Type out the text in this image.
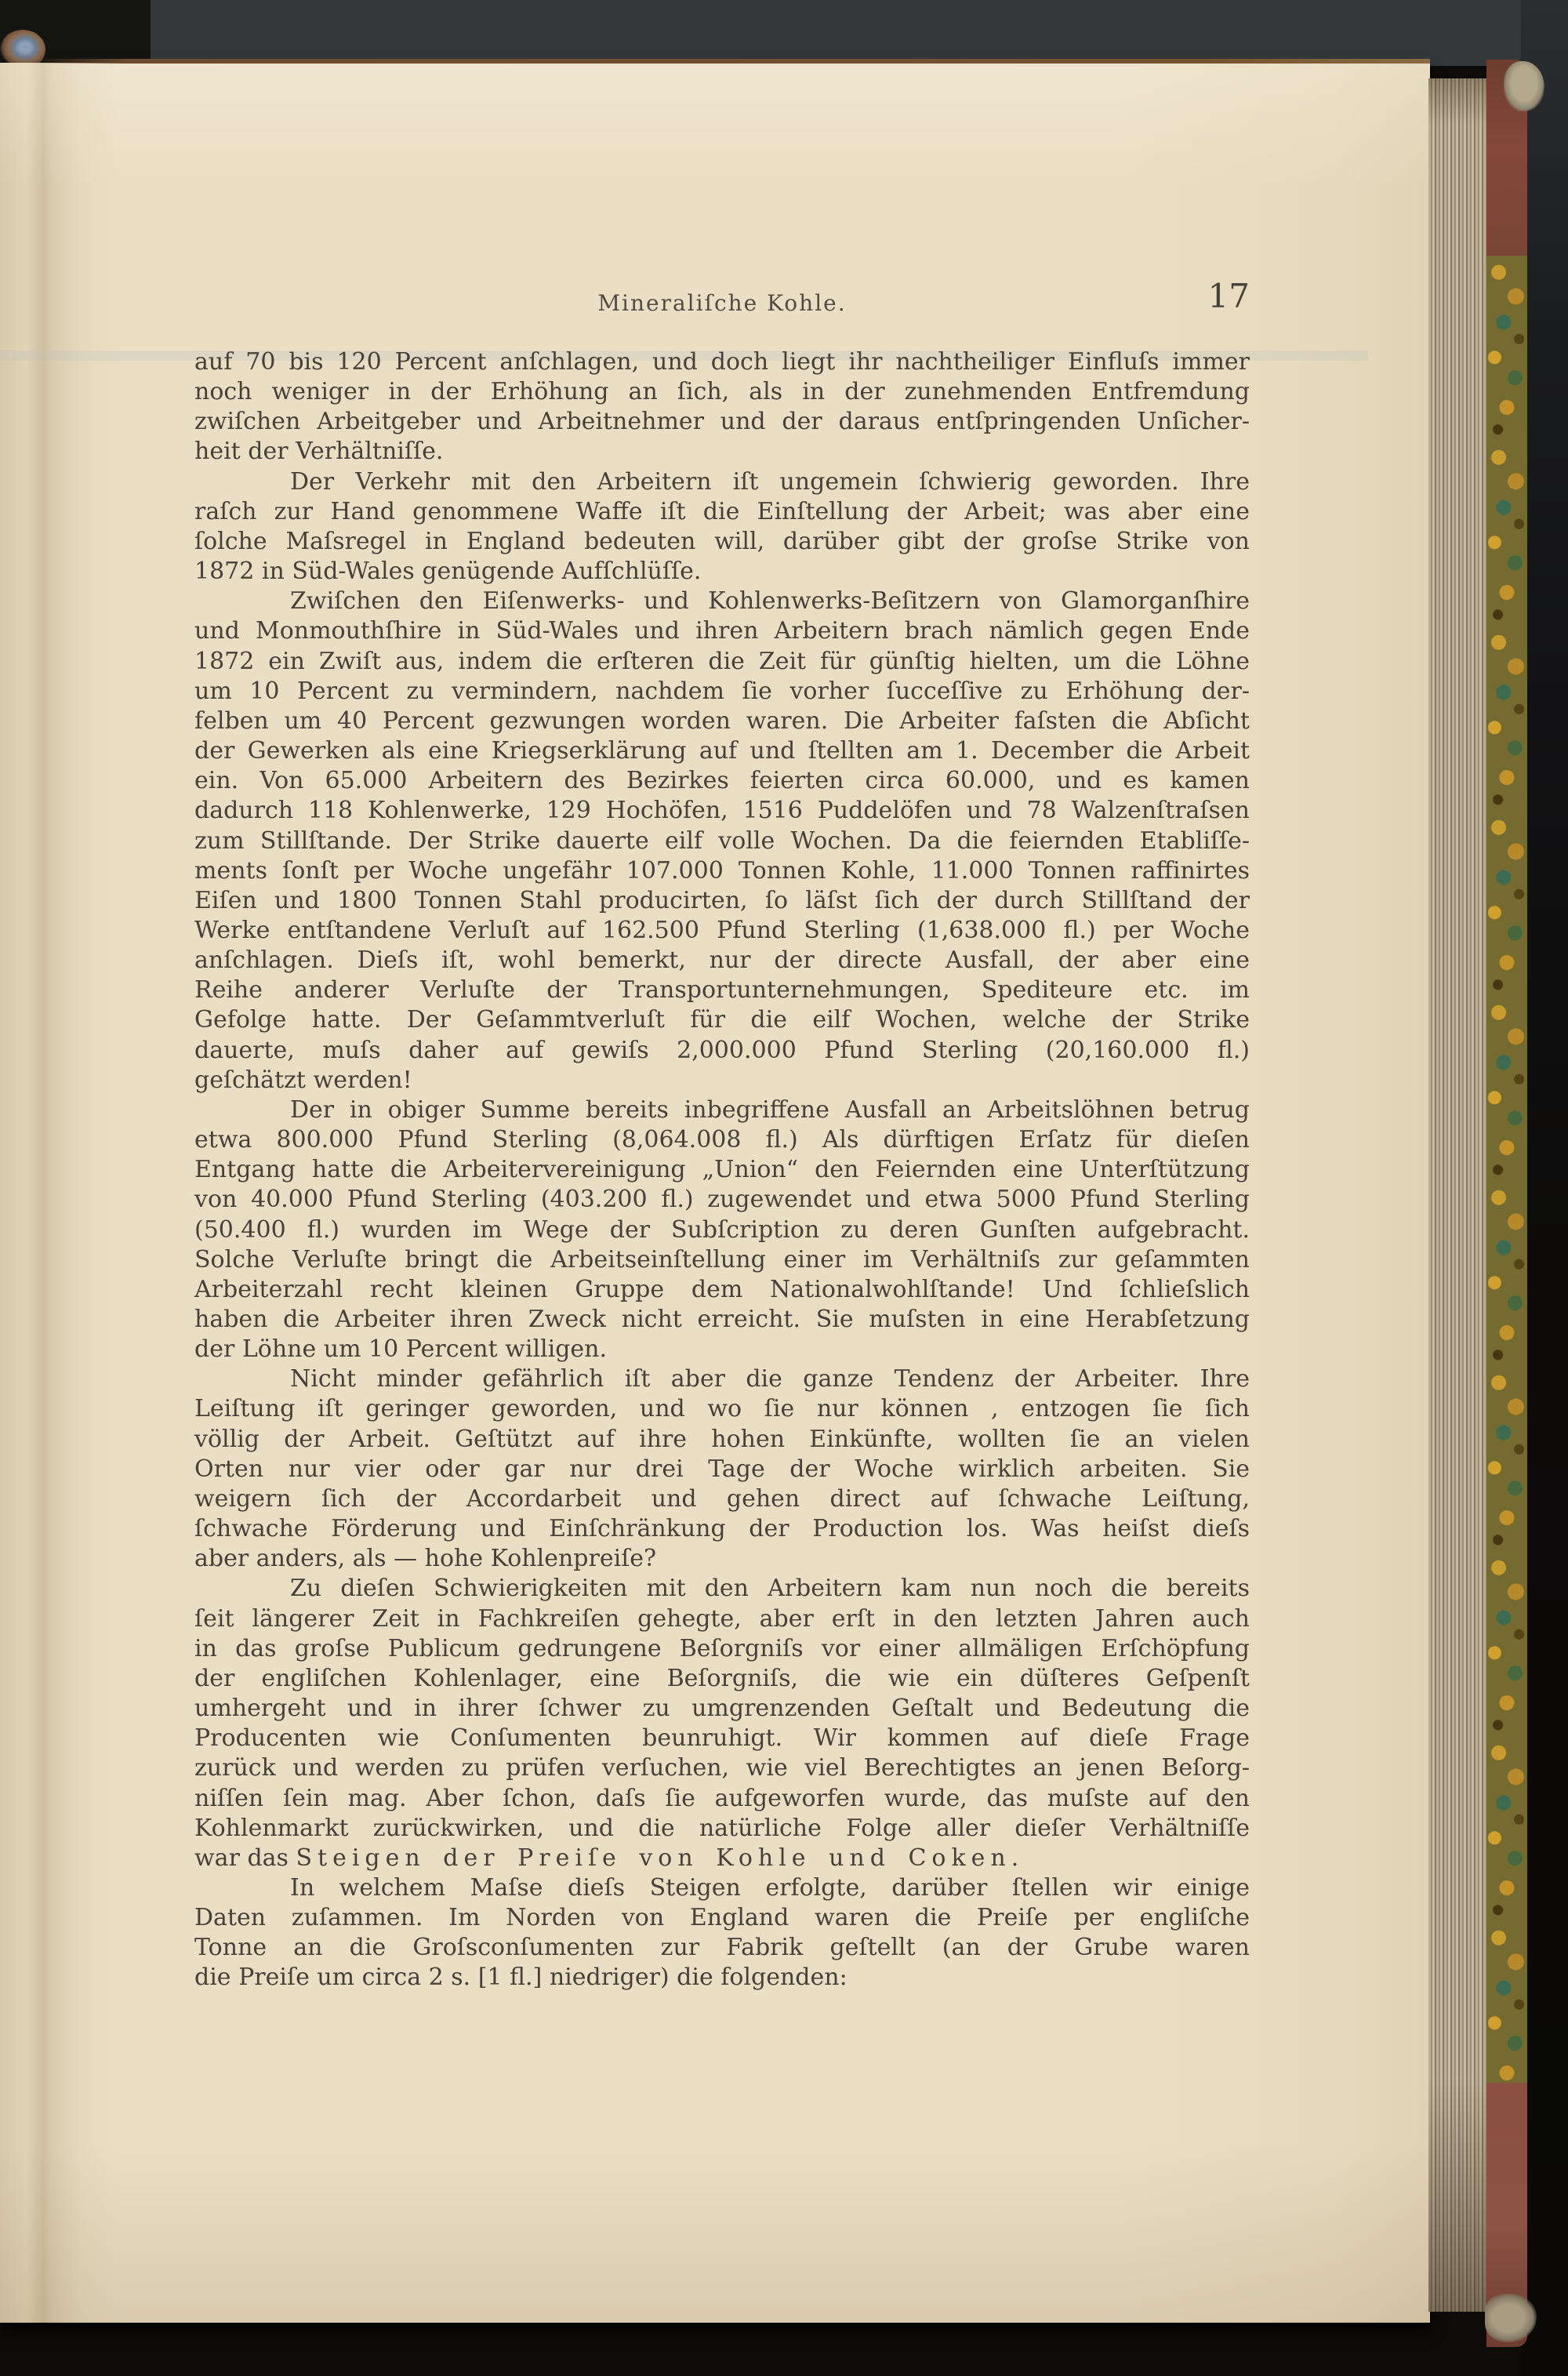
Mineraliſche Kohle.	17
auf 70 bis 120 Percent anſchlagen, und doch liegt ihr nachtheiliger Einfluſs immer
noch weniger in der Erhöhung an ſich, als in der zunehmenden Entfremdung
zwiſchen Arbeitgeber und Arbeitnehmer und der daraus entſpringenden Unſicher-
heit der Verhältniſſe.
Der Verkehr mit den Arbeitern iſt ungemein ſchwierig geworden. Ihre
raſch zur Hand genommene Waffe iſt die Einſtellung der Arbeit; was aber eine
ſolche Maſsregel in England bedeuten will, darüber gibt der groſse Strike von
1872 in Süd-Wales genügende Aufſchlüſſe.
Zwiſchen den Eiſenwerks- und Kohlenwerks-Beſitzern von Glamorganſhire
und Monmouthſhire in Süd-Wales und ihren Arbeitern brach nämlich gegen Ende
1872 ein Zwiſt aus, indem die erſteren die Zeit für günſtig hielten, um die Löhne
um 10 Percent zu vermindern, nachdem ſie vorher ſucceſſive zu Erhöhung der-
felben um 40 Percent gezwungen worden waren. Die Arbeiter faſsten die Abſicht
der Gewerken als eine Kriegserklärung auf und ſtellten am 1. December die Arbeit
ein. Von 65.000 Arbeitern des Bezirkes feierten circa 60.000, und es kamen
dadurch 118 Kohlenwerke, 129 Hochöfen, 1516 Puddelöfen und 78 Walzenſtraſsen
zum Stillſtande. Der Strike dauerte eilf volle Wochen. Da die feiernden Etabliſſe-
ments ſonſt per Woche ungefähr 107.000 Tonnen Kohle, 11.000 Tonnen raffinirtes
Eiſen und 1800 Tonnen Stahl producirten, ſo läſst ſich der durch Stillſtand der
Werke entſtandene Verluſt auf 162.500 Pfund Sterling (1,638.000 fl.) per Woche
anſchlagen. Dieſs iſt, wohl bemerkt, nur der directe Ausfall, der aber eine
Reihe anderer Verluſte der Transportunternehmungen, Spediteure etc. im
Gefolge hatte. Der Geſammtverluſt für die eilf Wochen, welche der Strike
dauerte, muſs daher auf gewiſs 2,000.000 Pfund Sterling (20,160.000 fl.)
geſchätzt werden!
Der in obiger Summe bereits inbegriffene Ausfall an Arbeitslöhnen betrug
etwa 800.000 Pfund Sterling (8,064.008 fl.) Als dürftigen Erſatz für dieſen
Entgang hatte die Arbeitervereinigung „Union“ den Feiernden eine Unterſtützung
von 40.000 Pfund Sterling (403.200 fl.) zugewendet und etwa 5000 Pfund Sterling
(50.400 fl.) wurden im Wege der Subſcription zu deren Gunſten aufgebracht.
Solche Verluſte bringt die Arbeitseinſtellung einer im Verhältniſs zur geſammten
Arbeiterzahl recht kleinen Gruppe dem Nationalwohlſtande! Und ſchlieſslich
haben die Arbeiter ihren Zweck nicht erreicht. Sie muſsten in eine Herabſetzung
der Löhne um 10 Percent willigen.
Nicht minder gefährlich iſt aber die ganze Tendenz der Arbeiter. Ihre
Leiſtung iſt geringer geworden, und wo ſie nur können , entzogen ſie ſich
völlig der Arbeit. Geſtützt auf ihre hohen Einkünfte, wollten ſie an vielen
Orten nur vier oder gar nur drei Tage der Woche wirklich arbeiten. Sie
weigern ſich der Accordarbeit und gehen direct auf ſchwache Leiſtung,
ſchwache Förderung und Einſchränkung der Production los. Was heiſst dieſs
aber anders, als — hohe Kohlenpreiſe?
Zu dieſen Schwierigkeiten mit den Arbeitern kam nun noch die bereits
ſeit längerer Zeit in Fachkreiſen gehegte, aber erſt in den letzten Jahren auch
in das groſse Publicum gedrungene Beſorgniſs vor einer allmäligen Erſchöpfung
der engliſchen Kohlenlager, eine Beſorgniſs, die wie ein düſteres Geſpenſt
umhergeht und in ihrer ſchwer zu umgrenzenden Geſtalt und Bedeutung die
Producenten wie Conſumenten beunruhigt. Wir kommen auf dieſe Frage
zurück und werden zu prüfen verſuchen, wie viel Berechtigtes an jenen Beſorg-
niſſen ſein mag. Aber ſchon, daſs ſie aufgeworfen wurde, das muſste auf den
Kohlenmarkt zurückwirken, und die natürliche Folge aller dieſer Verhältniſſe
war das Steigen der Preiſe von Kohle und Coken.
In welchem Maſse dieſs Steigen erfolgte, darüber ſtellen wir einige
Daten zuſammen. Im Norden von England waren die Preiſe per engliſche
Tonne an die Groſsconſumenten zur Fabrik geſtellt (an der Grube waren
die Preiſe um circa 2 s. [1 fl.] niedriger) die folgenden:
